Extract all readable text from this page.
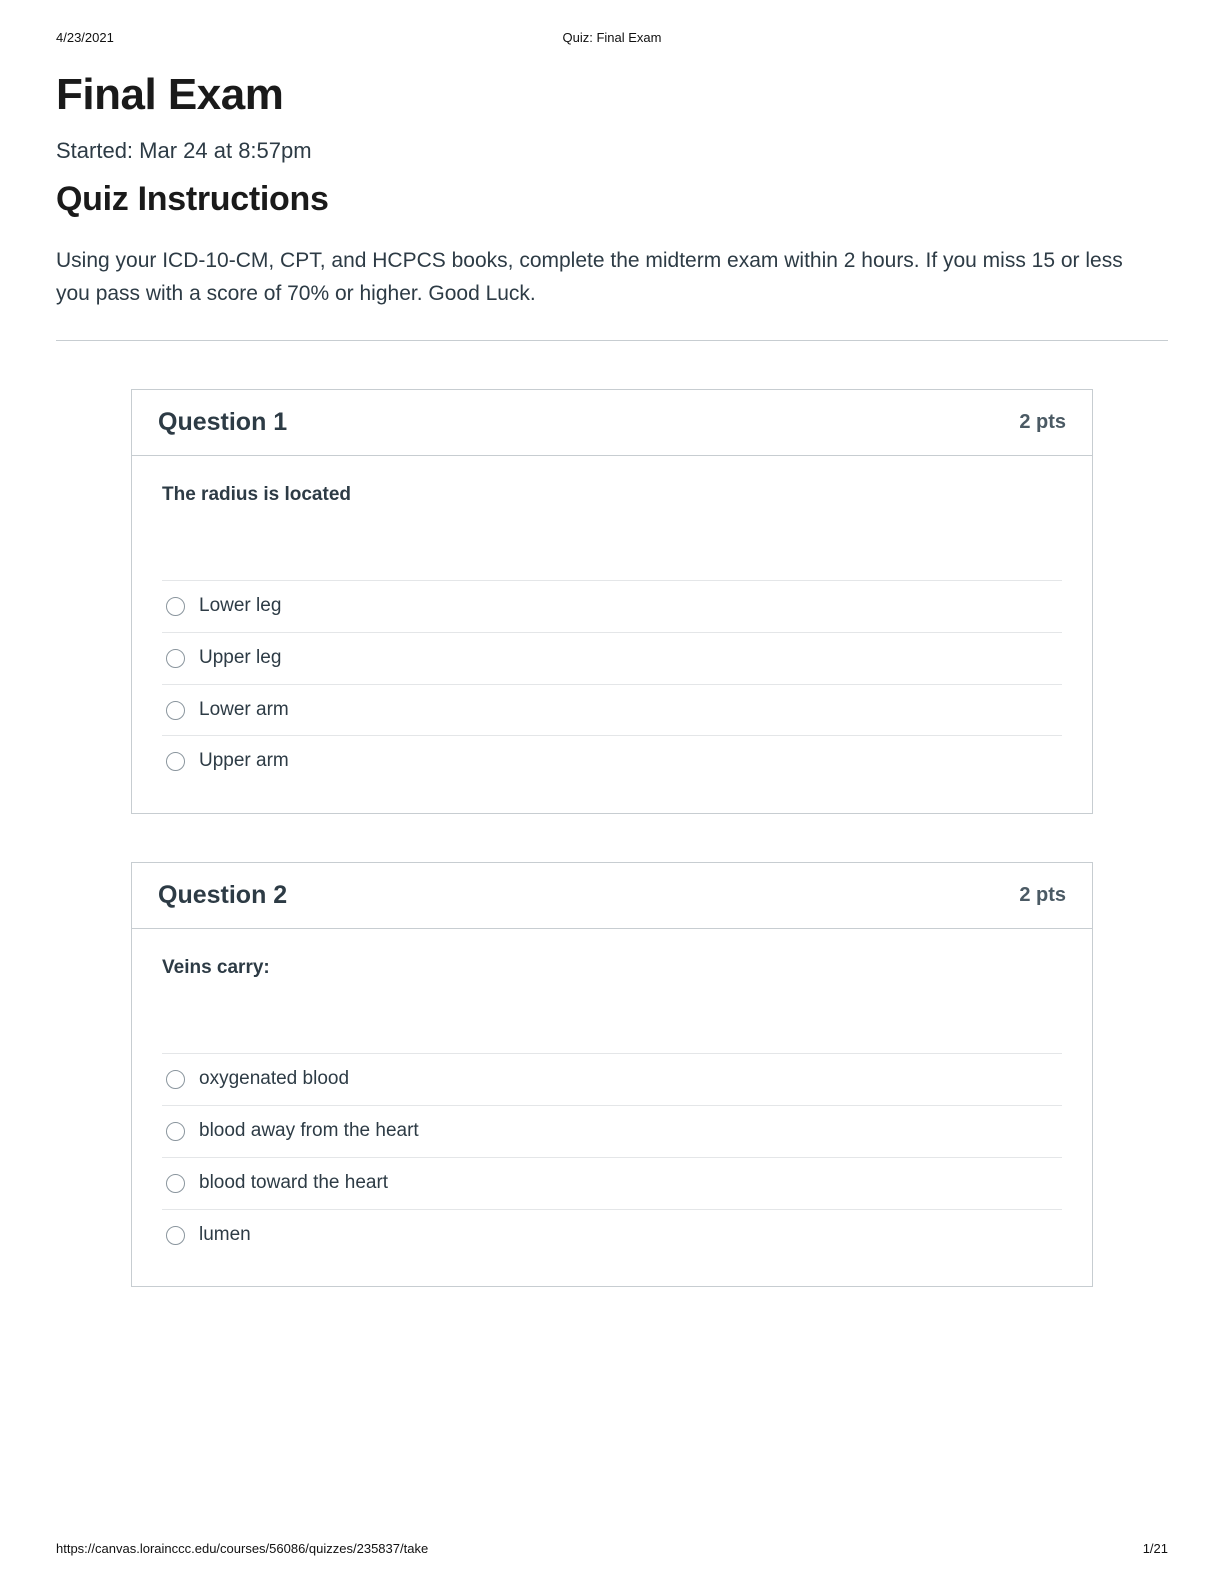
4/23/2021	Quiz: Final Exam
Final Exam
Started: Mar 24 at 8:57pm
Quiz Instructions

Using your ICD-10-CM, CPT, and HCPCS books, complete the midterm exam within 2 hours. If you miss 15 or less you pass with a score of 70% or higher. Good Luck.

Question 1	2 pts
The radius is located
Lower leg
Upper leg
Lower arm
Upper arm
Question 2	2 pts
Veins carry:
oxygenated blood
blood away from the heart
blood toward the heart
lumen
https://canvas.lorainccc.edu/courses/56086/quizzes/235837/take	1/21
